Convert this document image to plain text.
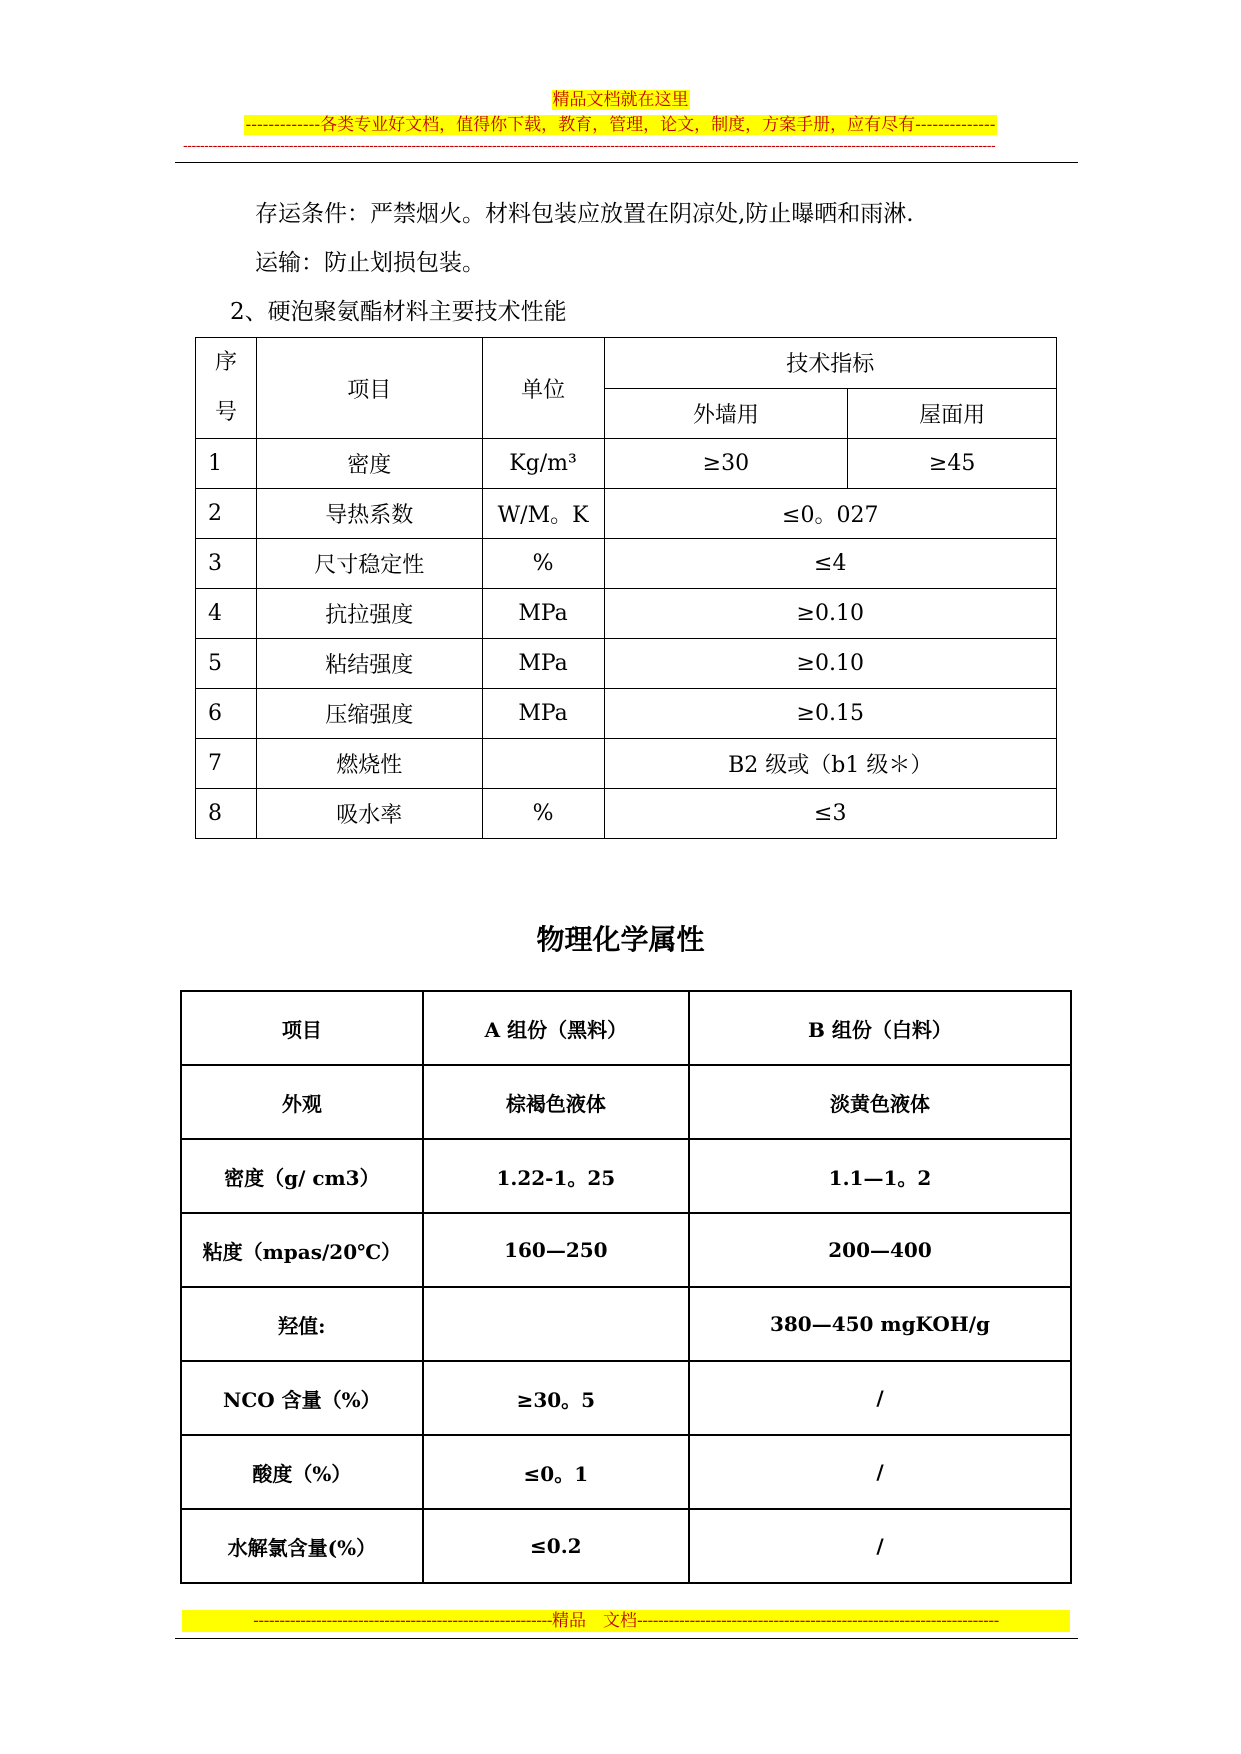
精品文档就在这里
-------------各类专业好文档，值得你下载，教育，管理，论文，制度，方案手册，应有尽有--------------
------------------------------------------------------------------------------------------------------------------------------------------------------------------------------------------------
存运条件：严禁烟火。材料包装应放置在阴凉处,防止曝晒和雨淋.
运输：防止划损包装。
2、硬泡聚氨酯材料主要技术性能
序
号	项目	单位	技术指标	
			外墙用	屋面用
1	密度	Kg/m³	≥30	≥45
2	导热系数	W/M。K	≤0。027	
3	尺寸稳定性	%	≤4	
4	抗拉强度	MPa	≥0.10	
5	粘结强度	MPa	≥0.10	
6	压缩强度	MPa	≥0.15	
7	燃烧性		B2 级或（b1 级＊）	
8	吸水率	%	≤3	
物理化学属性
项目	A 组份（黑料）	B 组份（白料）
外观	棕褐色液体	淡黄色液体
密度（g/ cm3）	1.22-1。25	1.1—1。2
粘度（mpas/20℃）	160—250	200—400
羟值:		380—450 mgKOH/g
NCO 含量（%）	≥30。5	/
酸度（%）	≤0。1	/
水解氯含量(%）	≤0.2	/
---------------------------------------------------------精品　文档---------------------------------------------------------------------
